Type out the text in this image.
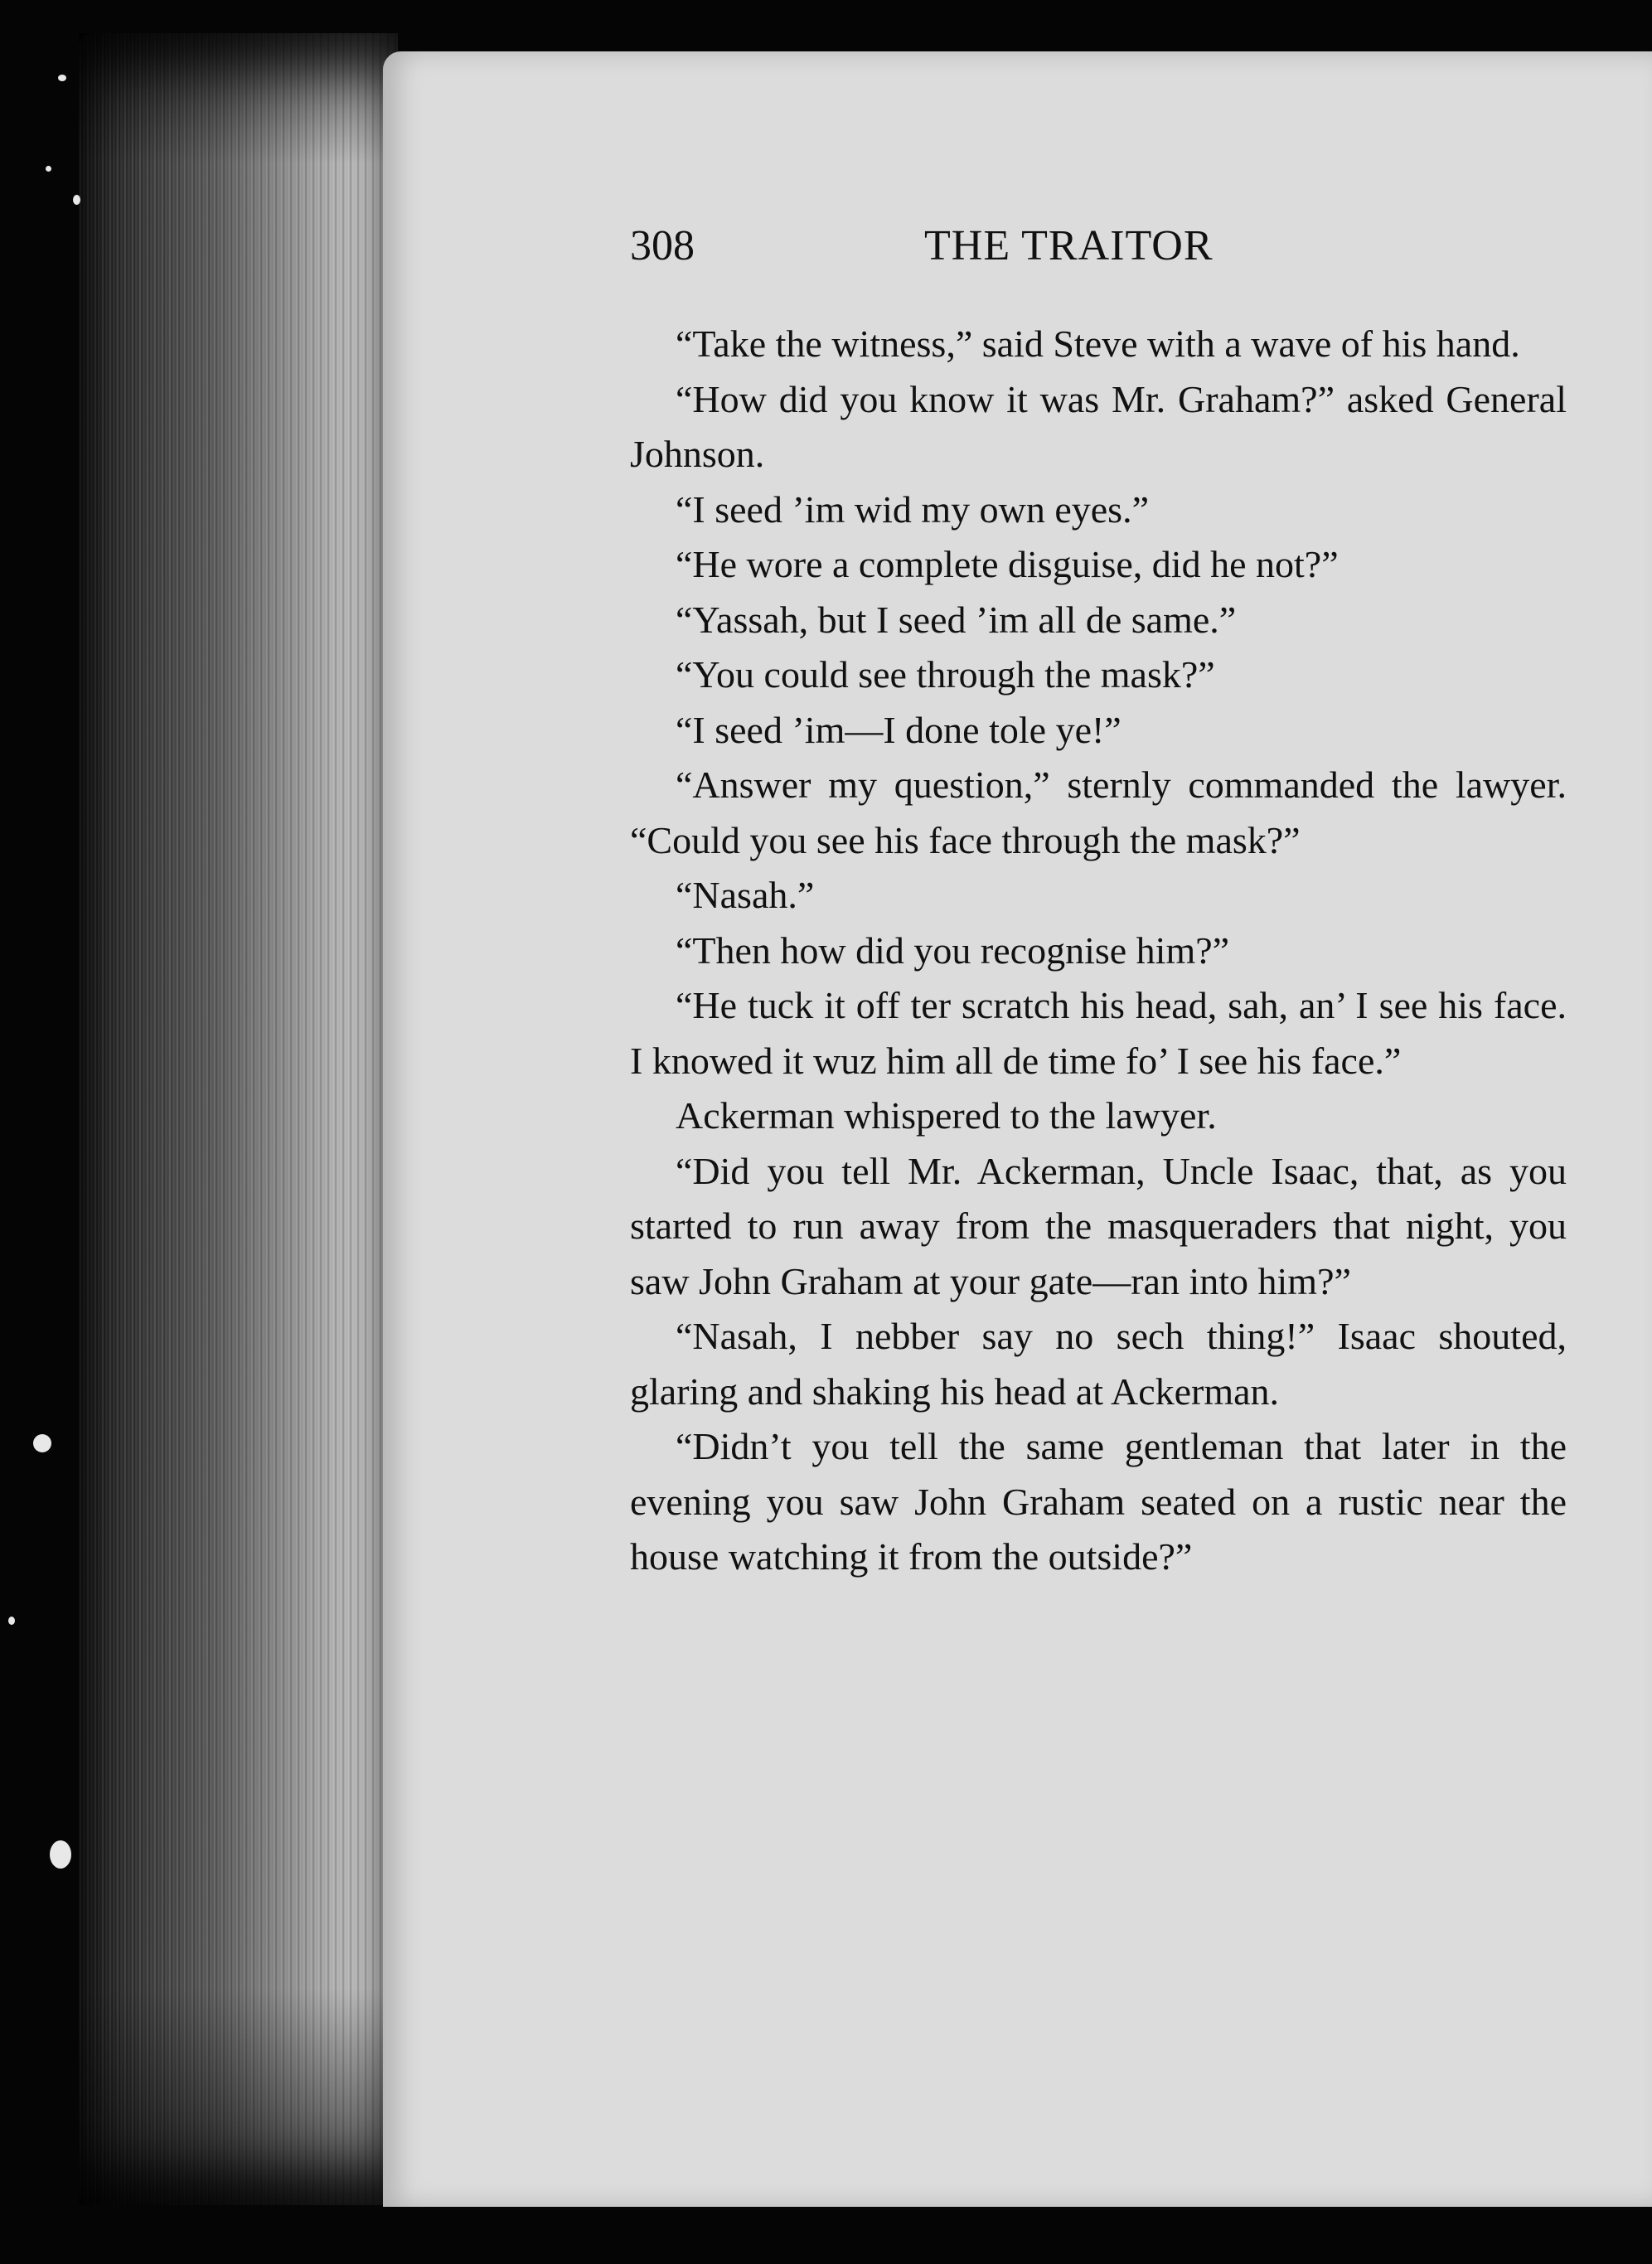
308	THE TRAITOR

“Take the witness,” said Steve with a wave of his hand.

“How did you know it was Mr. Graham?” asked General Johnson.

“I seed ’im wid my own eyes.”

“He wore a complete disguise, did he not?”

“Yassah, but I seed ’im all de same.”

“You could see through the mask?”

“I seed ’im—I done tole ye!”

“Answer my question,” sternly commanded the lawyer. “Could you see his face through the mask?”

“Nasah.”

“Then how did you recognise him?”

“He tuck it off ter scratch his head, sah, an’ I see his face. I knowed it wuz him all de time fo’ I see his face.”

Ackerman whispered to the lawyer.

“Did you tell Mr. Ackerman, Uncle Isaac, that, as you started to run away from the masqueraders that night, you saw John Graham at your gate—ran into him?”

“Nasah, I nebber say no sech thing!” Isaac shouted, glaring and shaking his head at Ackerman.

“Didn’t you tell the same gentleman that later in the evening you saw John Graham seated on a rustic near the house watching it from the outside?”
